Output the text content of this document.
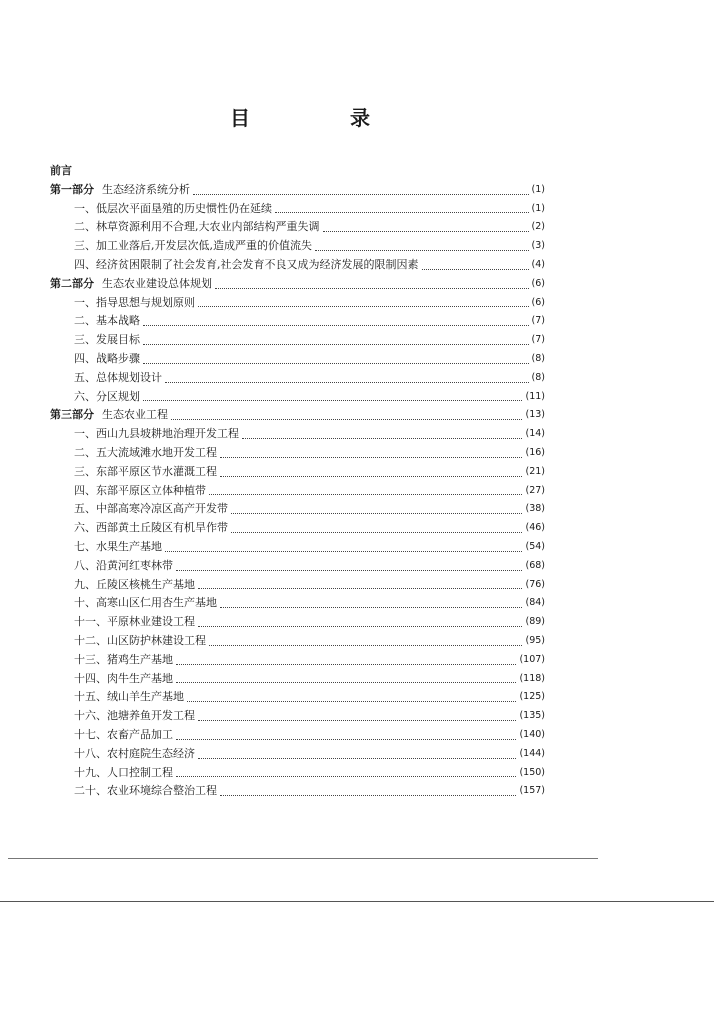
目　录
前言
第一部分 生态经济系统分析	(1)
一、低层次平面垦殖的历史惯性仍在延续	(1)
二、林草资源利用不合理,大农业内部结构严重失调	(2)
三、加工业落后,开发层次低,造成严重的价值流失	(3)
四、经济贫困限制了社会发育,社会发育不良又成为经济发展的限制因素	(4)
第二部分 生态农业建设总体规划	(6)
一、指导思想与规划原则	(6)
二、基本战略	(7)
三、发展目标	(7)
四、战略步骤	(8)
五、总体规划设计	(8)
六、分区规划	(11)
第三部分 生态农业工程	(13)
一、西山九县坡耕地治理开发工程	(14)
二、五大流域滩水地开发工程	(16)
三、东部平原区节水灌溉工程	(21)
四、东部平原区立体种植带	(27)
五、中部高寒冷凉区高产开发带	(38)
六、西部黄土丘陵区有机旱作带	(46)
七、水果生产基地	(54)
八、沿黄河红枣林带	(68)
九、丘陵区核桃生产基地	(76)
十、高寒山区仁用杏生产基地	(84)
十一、平原林业建设工程	(89)
十二、山区防护林建设工程	(95)
十三、猪鸡生产基地	(107)
十四、肉牛生产基地	(118)
十五、绒山羊生产基地	(125)
十六、池塘养鱼开发工程	(135)
十七、农畜产品加工	(140)
十八、农村庭院生态经济	(144)
十九、人口控制工程	(150)
二十、农业环境综合整治工程	(157)
